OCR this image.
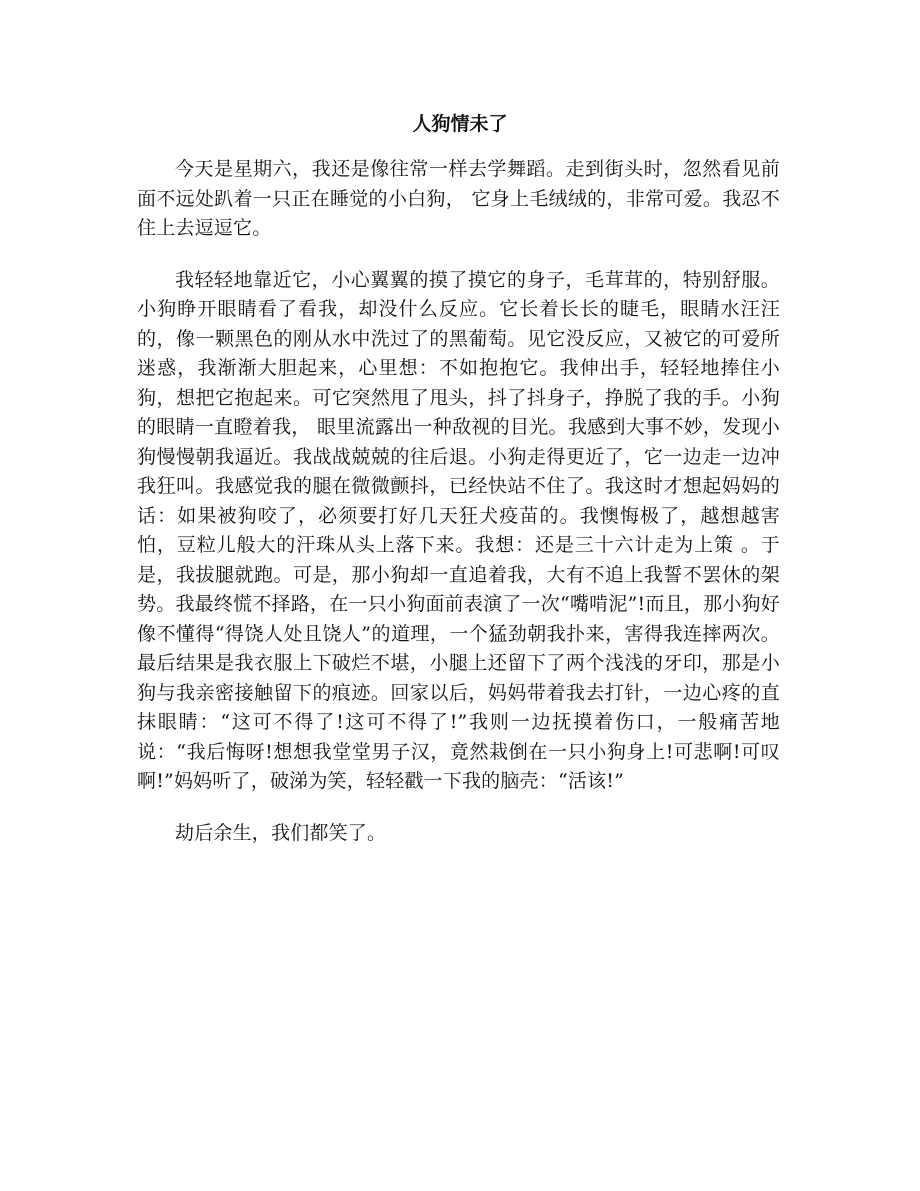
人狗情未了

今天是星期六，我还是像往常一样去学舞蹈。走到街头时，忽然看见前面不远处趴着一只正在睡觉的小白狗， 它身上毛绒绒的，非常可爱。我忍不住上去逗逗它。

我轻轻地靠近它，小心翼翼的摸了摸它的身子，毛茸茸的，特别舒服。小狗睁开眼睛看了看我，却没什么反应。它长着长长的睫毛，眼睛水汪汪的，像一颗黑色的刚从水中洗过了的黑葡萄。见它没反应，又被它的可爱所迷惑，我渐渐大胆起来，心里想：不如抱抱它。我伸出手，轻轻地捧住小狗，想把它抱起来。可它突然甩了甩头，抖了抖身子，挣脱了我的手。小狗的眼睛一直瞪着我， 眼里流露出一种敌视的目光。我感到大事不妙，发现小狗慢慢朝我逼近。我战战兢兢的往后退。小狗走得更近了，它一边走一边冲我狂叫。我感觉我的腿在微微颤抖，已经快站不住了。我这时才想起妈妈的话：如果被狗咬了，必须要打好几天狂犬疫苗的。我懊悔极了，越想越害怕，豆粒儿般大的汗珠从头上落下来。我想：还是三十六计走为上策 。于是，我拔腿就跑。可是，那小狗却一直追着我，大有不追上我誓不罢休的架势。我最终慌不择路，在一只小狗面前表演了一次“嘴啃泥”!而且，那小狗好像不懂得“得饶人处且饶人”的道理，一个猛劲朝我扑来，害得我连摔两次。最后结果是我衣服上下破烂不堪，小腿上还留下了两个浅浅的牙印，那是小狗与我亲密接触留下的痕迹。回家以后，妈妈带着我去打针，一边心疼的直抹眼睛：“这可不得了!这可不得了!”我则一边抚摸着伤口，一般痛苦地说：“我后悔呀!想想我堂堂男子汉，竟然栽倒在一只小狗身上!可悲啊!可叹啊!”妈妈听了，破涕为笑，轻轻戳一下我的脑壳：“活该!”

劫后余生，我们都笑了。
